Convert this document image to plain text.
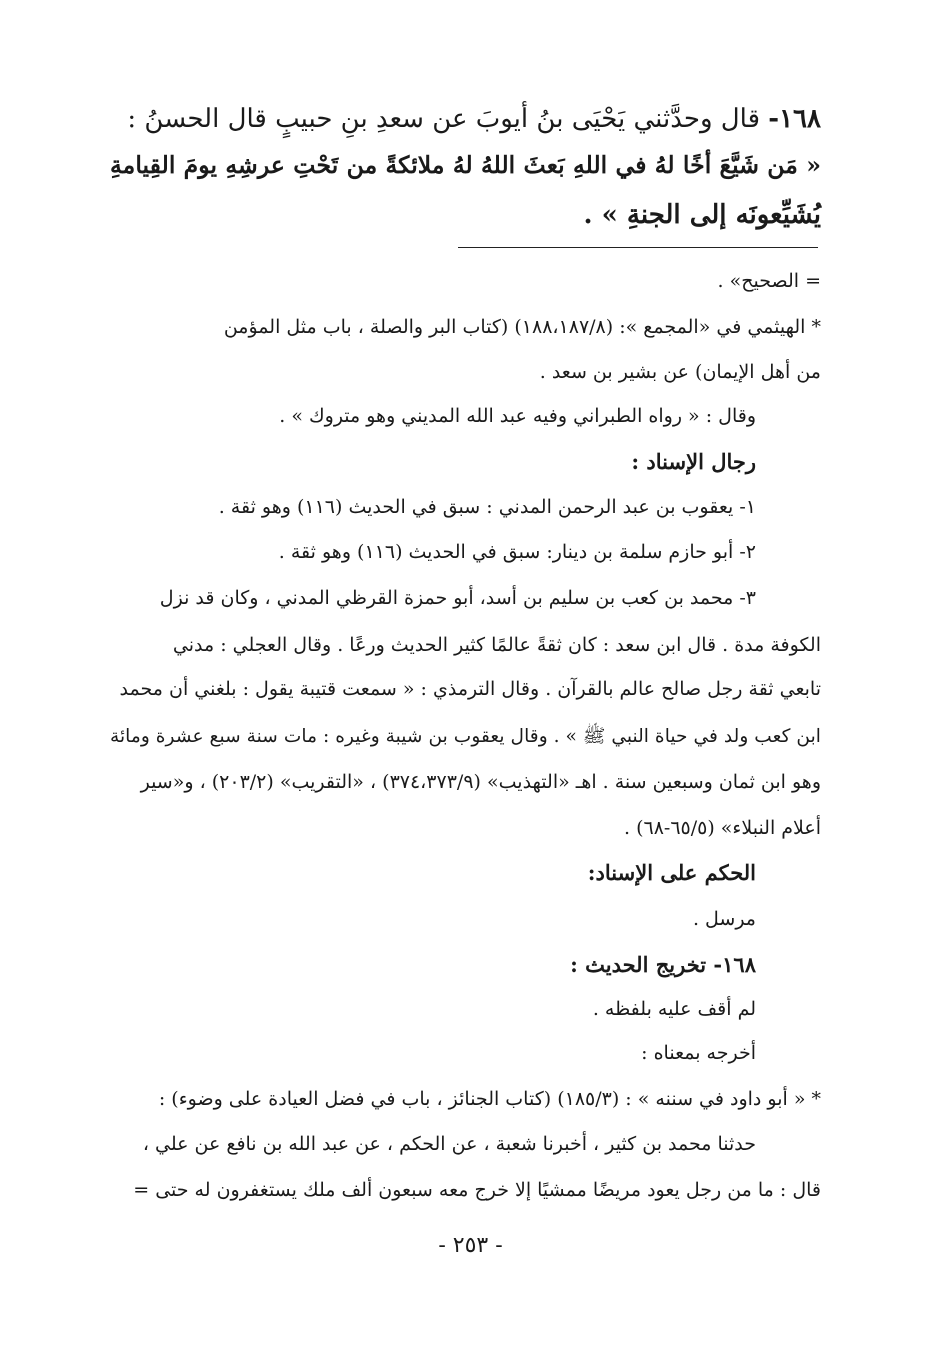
١٦٨- قال وحدَّثني يَحْيَى بنُ أيوبَ عن سعدِ بنِ حبيبٍ قال الحسنُ :
« مَن شَيَّعَ أخًا لهُ في اللهِ بَعثَ اللهُ لهُ ملائكةً من تَحْتِ عرشِهِ يومَ القِيامةِ
يُشَيِّعونَه إلى الجنةِ » .
= الصحيح» .
* الهيثمي في «المجمع »: (١٨٨،١٨٧/٨) (كتاب البر والصلة ، باب مثل المؤمن
من أهل الإيمان) عن بشير بن سعد .
وقال : « رواه الطبراني وفيه عبد الله المديني وهو متروك » .
رجال الإسناد :
١- يعقوب بن عبد الرحمن المدني : سبق في الحديث (١١٦) وهو ثقة .
٢- أبو حازم سلمة بن دينار: سبق في الحديث (١١٦) وهو ثقة .
٣- محمد بن كعب بن سليم بن أسد، أبو حمزة القرظي المدني ، وكان قد نزل
الكوفة مدة . قال ابن سعد : كان ثقةً عالمًا كثير الحديث ورعًا . وقال العجلي : مدني
تابعي ثقة رجل صالح عالم بالقرآن . وقال الترمذي : « سمعت قتيبة يقول : بلغني أن محمد
ابن كعب ولد في حياة النبي ﷺ » . وقال يعقوب بن شيبة وغيره : مات سنة سبع عشرة ومائة
وهو ابن ثمان وسبعين سنة . اهـ «التهذيب» (٣٧٤،٣٧٣/٩) ، «التقريب» (٢٠٣/٢) ، و«سير
أعلام النبلاء» (٦٥/٥-٦٨) .
الحكم على الإسناد:
مرسل .
١٦٨- تخريج الحديث :
لم أقف عليه بلفظه .
أخرجه بمعناه :
* « أبو داود في سننه » : (١٨٥/٣) (كتاب الجنائز ، باب في فضل العيادة على وضوء) :
حدثنا محمد بن كثير ، أخبرنا شعبة ، عن الحكم ، عن عبد الله بن نافع عن علي ،
قال : ما من رجل يعود مريضًا ممشيًا إلا خرج معه سبعون ألف ملك يستغفرون له حتى =
- ٢٥٣ -
